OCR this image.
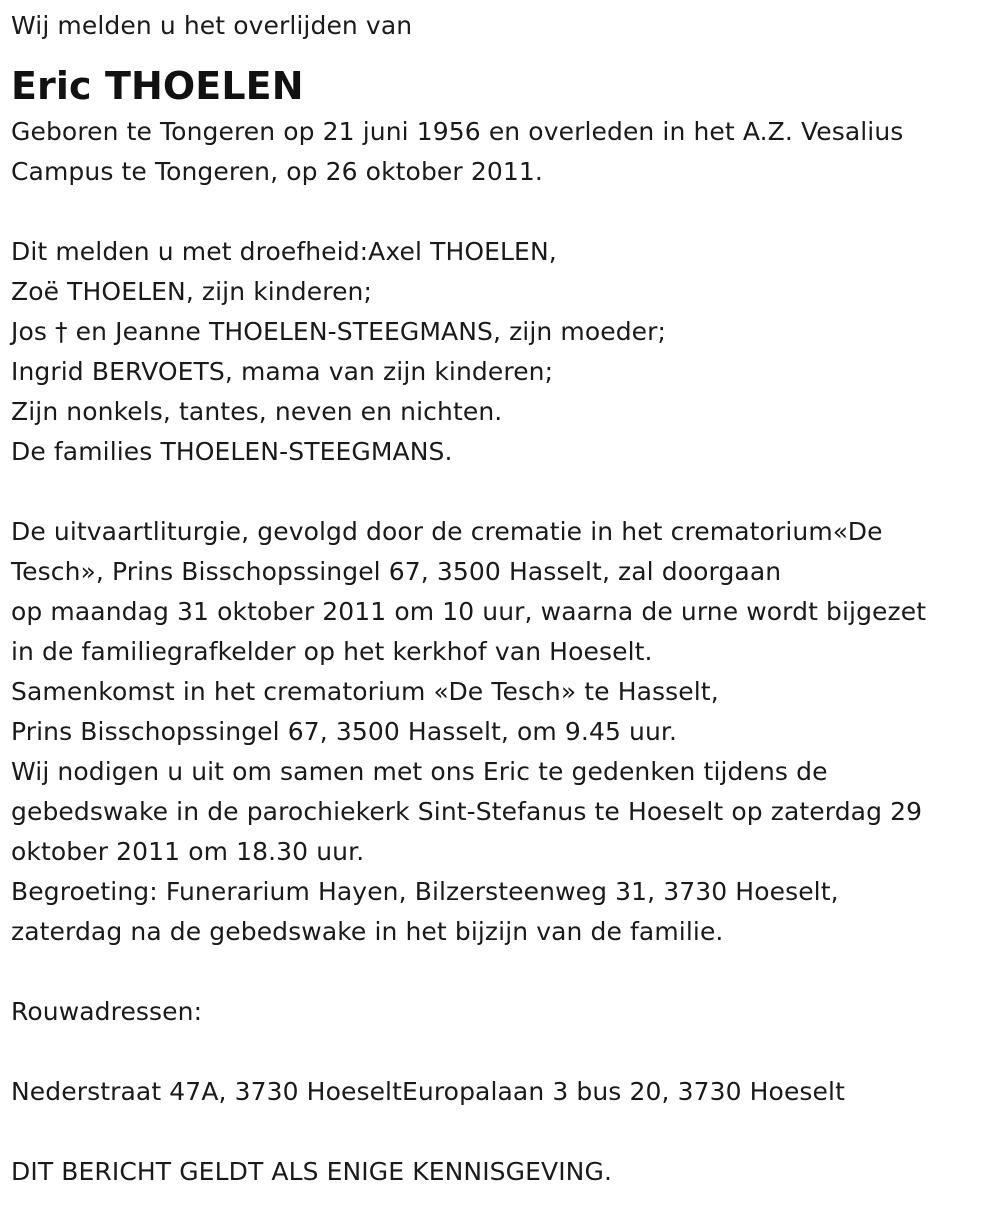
Wij melden u het overlijden van
Eric THOELEN
Geboren te Tongeren op 21 juni 1956 en overleden in het A.Z. Vesalius
Campus te Tongeren, op 26 oktober 2011.
Dit melden u met droefheid:Axel THOELEN,
Zoë THOELEN, zijn kinderen;
Jos † en Jeanne THOELEN-STEEGMANS, zijn moeder;
Ingrid BERVOETS, mama van zijn kinderen;
Zijn nonkels, tantes, neven en nichten.
De families THOELEN-STEEGMANS.
De uitvaartliturgie, gevolgd door de crematie in het crematorium«De
Tesch», Prins Bisschopssingel 67, 3500 Hasselt, zal doorgaan
op maandag 31 oktober 2011 om 10 uur, waarna de urne wordt bijgezet
in de familiegrafkelder op het kerkhof van Hoeselt.
Samenkomst in het crematorium «De Tesch» te Hasselt,
Prins Bisschopssingel 67, 3500 Hasselt, om 9.45 uur.
Wij nodigen u uit om samen met ons Eric te gedenken tijdens de
gebedswake in de parochiekerk Sint-Stefanus te Hoeselt op zaterdag 29
oktober 2011 om 18.30 uur.
Begroeting: Funerarium Hayen, Bilzersteenweg 31, 3730 Hoeselt,
zaterdag na de gebedswake in het bijzijn van de familie.
Rouwadressen:
Nederstraat 47A, 3730 HoeseltEuropalaan 3 bus 20, 3730 Hoeselt
DIT BERICHT GELDT ALS ENIGE KENNISGEVING.
